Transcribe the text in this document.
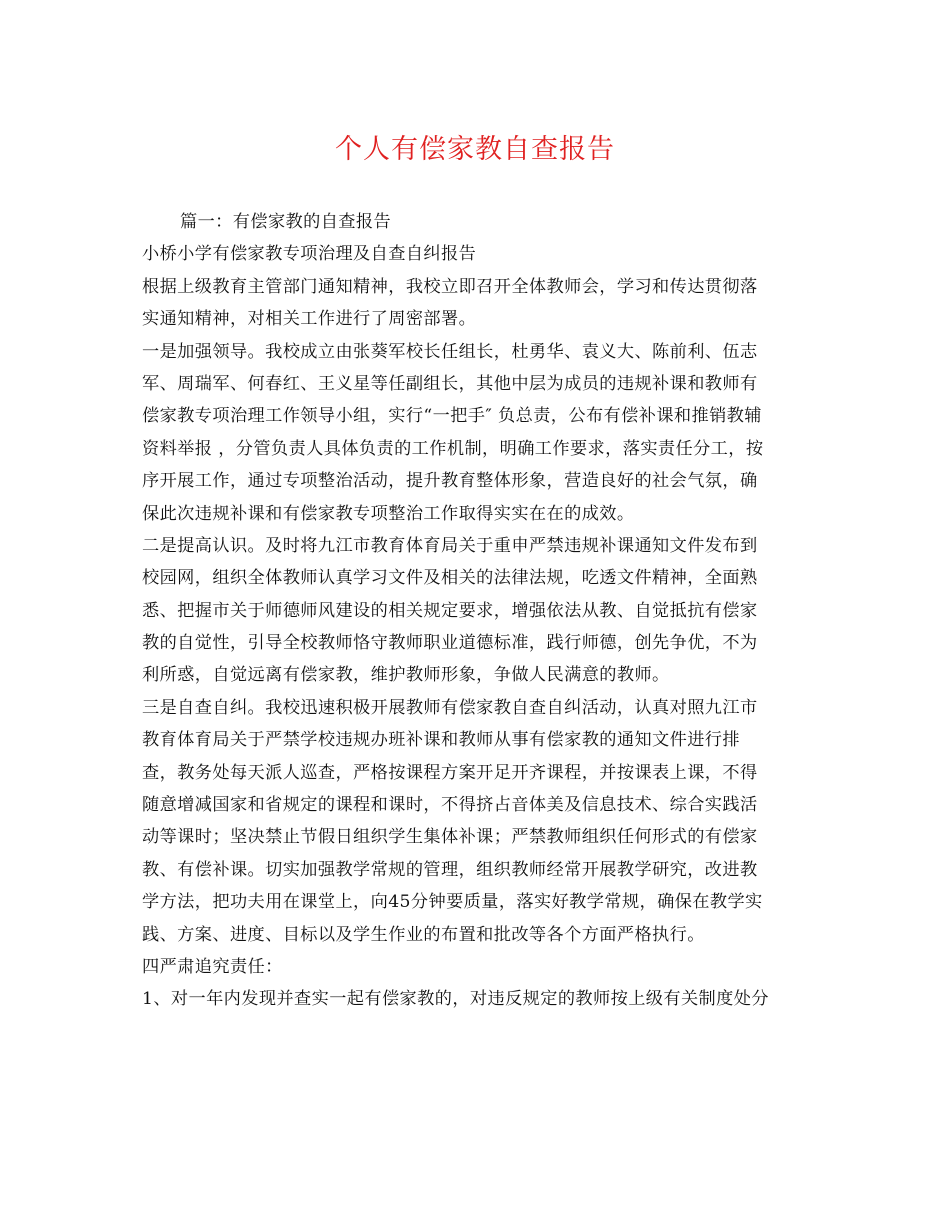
个人有偿家教自查报告
篇一：有偿家教的自查报告
小桥小学有偿家教专项治理及自查自纠报告
根据上级教育主管部门通知精神，我校立即召开全体教师会，学习和传达贯彻落
实通知精神，对相关工作进行了周密部署。
一是加强领导。我校成立由张葵军校长任组长，杜勇华、袁义大、陈前利、伍志
军、周瑞军、何春红、王义星等任副组长，其他中层为成员的违规补课和教师有
偿家教专项治理工作领导小组，实行“一把手″ 负总责，公布有偿补课和推销教辅
资料举报 ，分管负责人具体负责的工作机制，明确工作要求，落实责任分工，按
序开展工作，通过专项整治活动，提升教育整体形象，营造良好的社会气氛，确
保此次违规补课和有偿家教专项整治工作取得实实在在的成效。
二是提高认识。及时将九江市教育体育局关于重申严禁违规补课通知文件发布到
校园网，组织全体教师认真学习文件及相关的法律法规，吃透文件精神，全面熟
悉、把握市关于师德师风建设的相关规定要求，增强依法从教、自觉抵抗有偿家
教的自觉性，引导全校教师恪守教师职业道德标准，践行师德，创先争优，不为
利所惑，自觉远离有偿家教，维护教师形象，争做人民满意的教师。
三是自查自纠。我校迅速积极开展教师有偿家教自查自纠活动，认真对照九江市
教育体育局关于严禁学校违规办班补课和教师从事有偿家教的通知文件进行排
查，教务处每天派人巡查，严格按课程方案开足开齐课程，并按课表上课，不得
随意增减国家和省规定的课程和课时，不得挤占音体美及信息技术、综合实践活
动等课时；坚决禁止节假日组织学生集体补课；严禁教师组织任何形式的有偿家
教、有偿补课。切实加强教学常规的管理，组织教师经常开展教学研究，改进教
学方法，把功夫用在课堂上，向45分钟要质量，落实好教学常规，确保在教学实
践、方案、进度、目标以及学生作业的布置和批改等各个方面严格执行。
四严肃追究责任：
1、对一年内发现并查实一起有偿家教的，对违反规定的教师按上级有关制度处分
